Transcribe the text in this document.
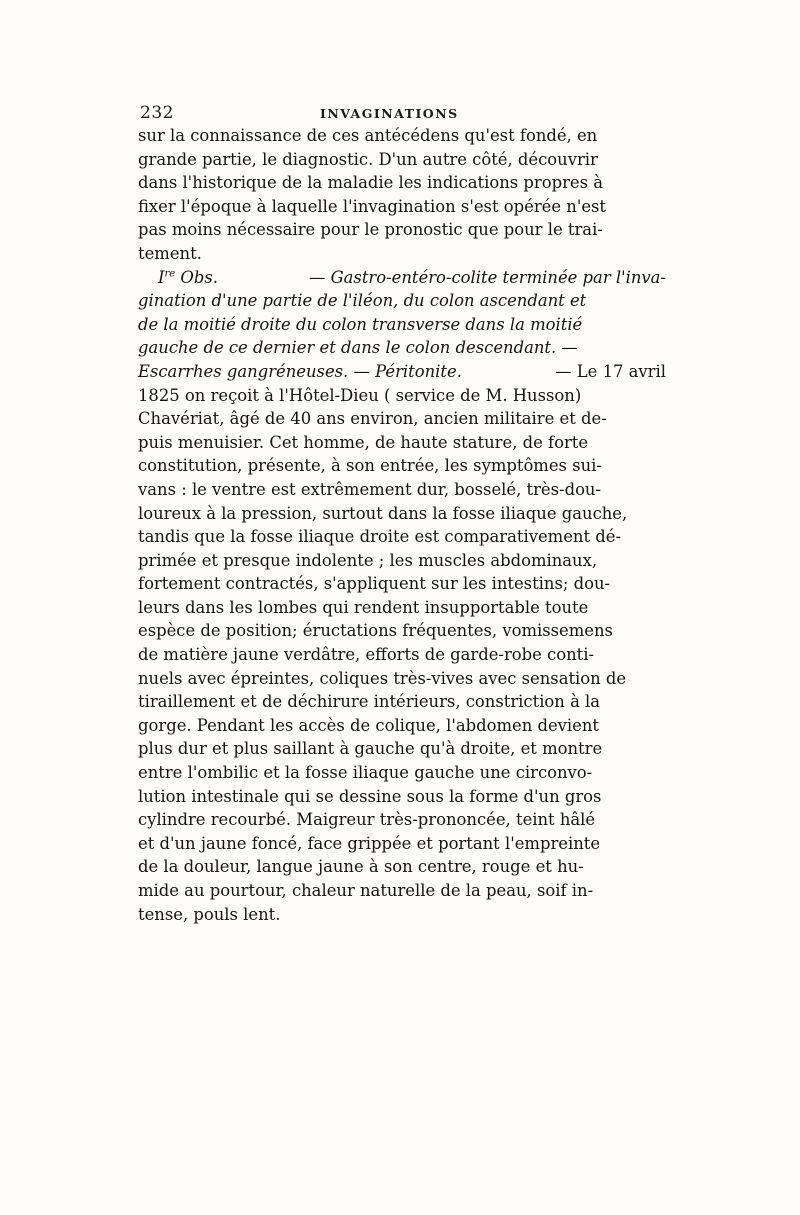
232	INVAGINATIONS
sur la connaissance de ces antécédens qu'est fondé, en
grande partie, le diagnostic. D'un autre côté, découvrir
dans l'historique de la maladie les indications propres à
fixer l'époque à laquelle l'invagination s'est opérée n'est
pas moins nécessaire pour le pronostic que pour le trai-
tement.
Ire Obs.	— Gastro-entéro-colite terminée par l'inva-
gination d'une partie de l'iléon, du colon ascendant et
de la moitié droite du colon transverse dans la moitié
gauche de ce dernier et dans le colon descendant. —
Escarrhes gangréneuses. — Péritonite.	— Le 17 avril
1825 on reçoit à l'Hôtel-Dieu ( service de M. Husson)
Chavériat, âgé de 40 ans environ, ancien militaire et de-
puis menuisier. Cet homme, de haute stature, de forte
constitution, présente, à son entrée, les symptômes sui-
vans : le ventre est extrêmement dur, bosselé, très-dou-
loureux à la pression, surtout dans la fosse iliaque gauche,
tandis que la fosse iliaque droite est comparativement dé-
primée et presque indolente ; les muscles abdominaux,
fortement contractés, s'appliquent sur les intestins; dou-
leurs dans les lombes qui rendent insupportable toute
espèce de position; éructations fréquentes, vomissemens
de matière jaune verdâtre, efforts de garde-robe conti-
nuels avec épreintes, coliques très-vives avec sensation de
tiraillement et de déchirure intérieurs, constriction à la
gorge. Pendant les accès de colique, l'abdomen devient
plus dur et plus saillant à gauche qu'à droite, et montre
entre l'ombilic et la fosse iliaque gauche une circonvo-
lution intestinale qui se dessine sous la forme d'un gros
cylindre recourbé. Maigreur très-prononcée, teint hâlé
et d'un jaune foncé, face grippée et portant l'empreinte
de la douleur, langue jaune à son centre, rouge et hu-
mide au pourtour, chaleur naturelle de la peau, soif in-
tense, pouls lent.
